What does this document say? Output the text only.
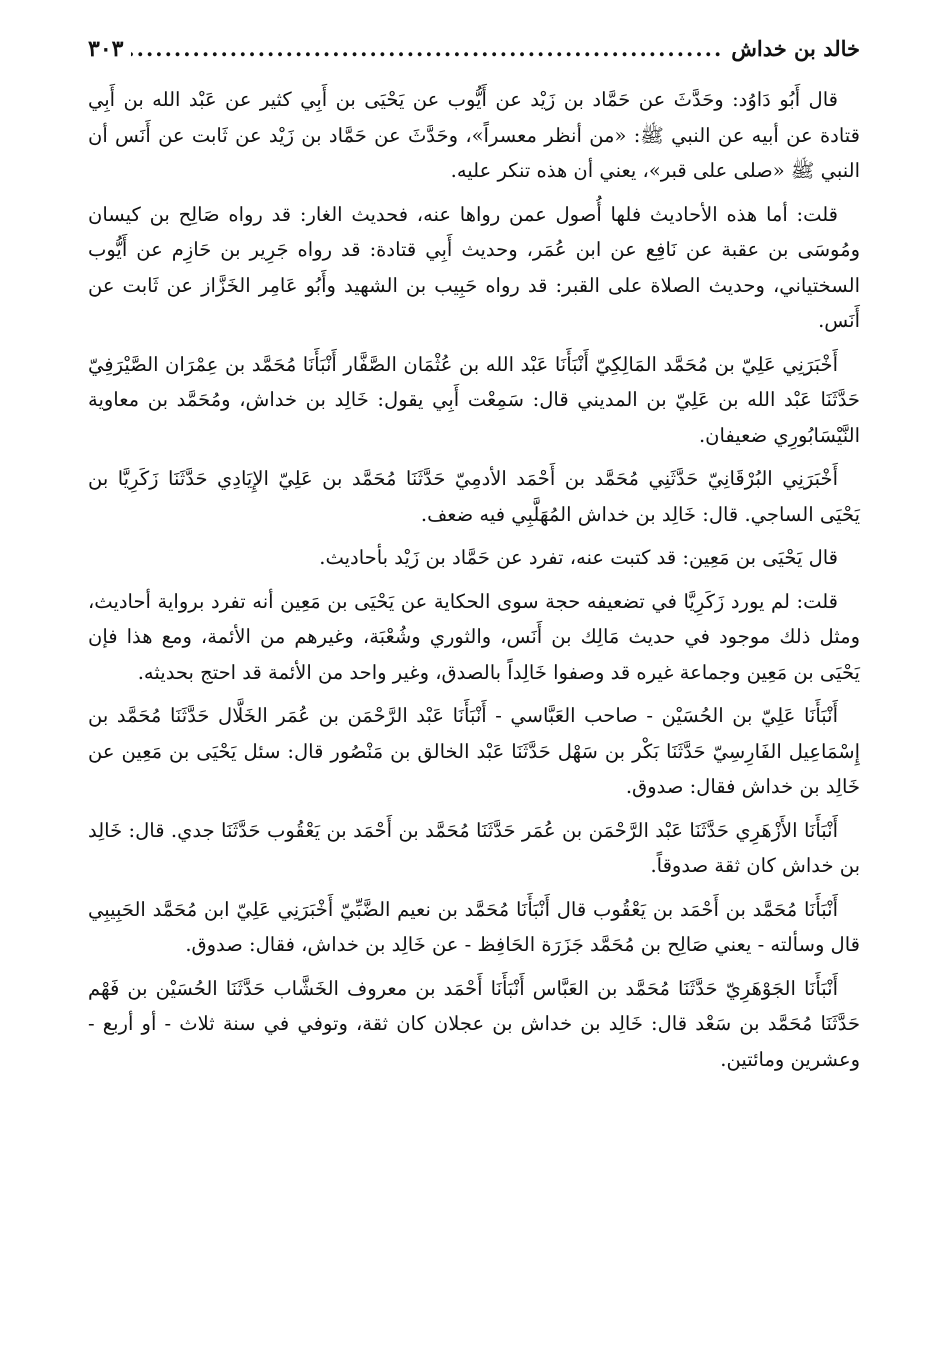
خالد بن خداش
.....
٣٠٣

قال أَبُو دَاوُد: وحَدَّثَ عن حَمَّاد بن زَيْد عن أَيُّوب عن يَحْيَى بن أَبِي كثير عن عَبْد الله بن أَبِي قتادة عن أبيه عن النبي ﷺ: «من أنظر معسراً»، وحَدَّثَ عن حَمَّاد بن زَيْد عن ثَابت عن أَنَس أن النبي ﷺ «صلى على قبر»، يعني أن هذه تنكر عليه.

قلت: أما هذه الأحاديث فلها أُصول عمن رواها عنه، فحديث الغار: قد رواه صَالِح بن كيسان ومُوسَى بن عقبة عن نَافِع عن ابن عُمَر، وحديث أَبِي قتادة: قد رواه جَرِير بن حَازِم عن أَيُّوب السختياني، وحديث الصلاة على القبر: قد رواه حَبِيب بن الشهيد وأَبُو عَامِر الخَزَّاز عن ثَابت عن أَنَس.

أَخْبَرَنِي عَلِيّ بن مُحَمَّد المَالِكِيّ أَنْبَأَنَا عَبْد الله بن عُثْمَان الصَّفَّار أَنْبَأَنَا مُحَمَّد بن عِمْرَان الصَّيْرَفِيّ حَدَّثَنَا عَبْد الله بن عَلِيّ بن المديني قال: سَمِعْت أَبِي يقول: خَالِد بن خداش، ومُحَمَّد بن معاوية النَّيْسَابُورِي ضعيفان.

أَخْبَرَنِي البُرْقَانِيّ حَدَّثَنِي مُحَمَّد بن أَحْمَد الأدمِيّ حَدَّثَنَا مُحَمَّد بن عَلِيّ الإِيَادِي حَدَّثَنَا زَكَرِيَّا بن يَحْيَى الساجي. قال: خَالِد بن خداش المُهَلَّبِي فيه ضعف.

قال يَحْيَى بن مَعِين: قد كتبت عنه، تفرد عن حَمَّاد بن زَيْد بأحاديث.

قلت: لم يورد زَكَرِيَّا في تضعيفه حجة سوى الحكاية عن يَحْيَى بن مَعِين أنه تفرد برواية أحاديث، ومثل ذلك موجود في حديث مَالِك بن أَنَس، والثوري وشُعْبَة، وغيرهم من الأئمة، ومع هذا فإن يَحْيَى بن مَعِين وجماعة غيره قد وصفوا خَالِداً بالصدق، وغير واحد من الأئمة قد احتج بحديثه.

أَنْبَأَنَا عَلِيّ بن الحُسَيْن - صاحب العَبَّاسي - أَنْبَأَنَا عَبْد الرَّحْمَن بن عُمَر الخَلَّال حَدَّثَنَا مُحَمَّد بن إِسْمَاعِيل الفَارِسِيّ حَدَّثَنَا بَكْر بن سَهْل حَدَّثَنَا عَبْد الخالق بن مَنْصُور قال: سئل يَحْيَى بن مَعِين عن خَالِد بن خداش فقال: صدوق.

أَنْبَأَنَا الأَزْهَرِي حَدَّثَنَا عَبْد الرَّحْمَن بن عُمَر حَدَّثَنَا مُحَمَّد بن أَحْمَد بن يَعْقُوب حَدَّثَنَا جدي. قال: خَالِد بن خداش كان ثقة صدوقاً.

أَنْبَأَنَا مُحَمَّد بن أَحْمَد بن يَعْقُوب قال أَنْبَأَنَا مُحَمَّد بن نعيم الضَّبِّيّ أَخْبَرَنِي عَلِيّ ابن مُحَمَّد الحَبِيبِي قال وسألته - يعني صَالِح بن مُحَمَّد جَزَرَة الحَافِظ - عن خَالِد بن خداش، فقال: صدوق.

أَنْبَأَنَا الجَوْهَرِيّ حَدَّثَنَا مُحَمَّد بن العَبَّاس أَنْبَأَنَا أَحْمَد بن معروف الخَشَّاب حَدَّثَنَا الحُسَيْن بن فَهْم حَدَّثَنَا مُحَمَّد بن سَعْد قال: خَالِد بن خداش بن عجلان كان ثقة، وتوفي في سنة ثلاث - أو أربع - وعشرين ومائتين.
